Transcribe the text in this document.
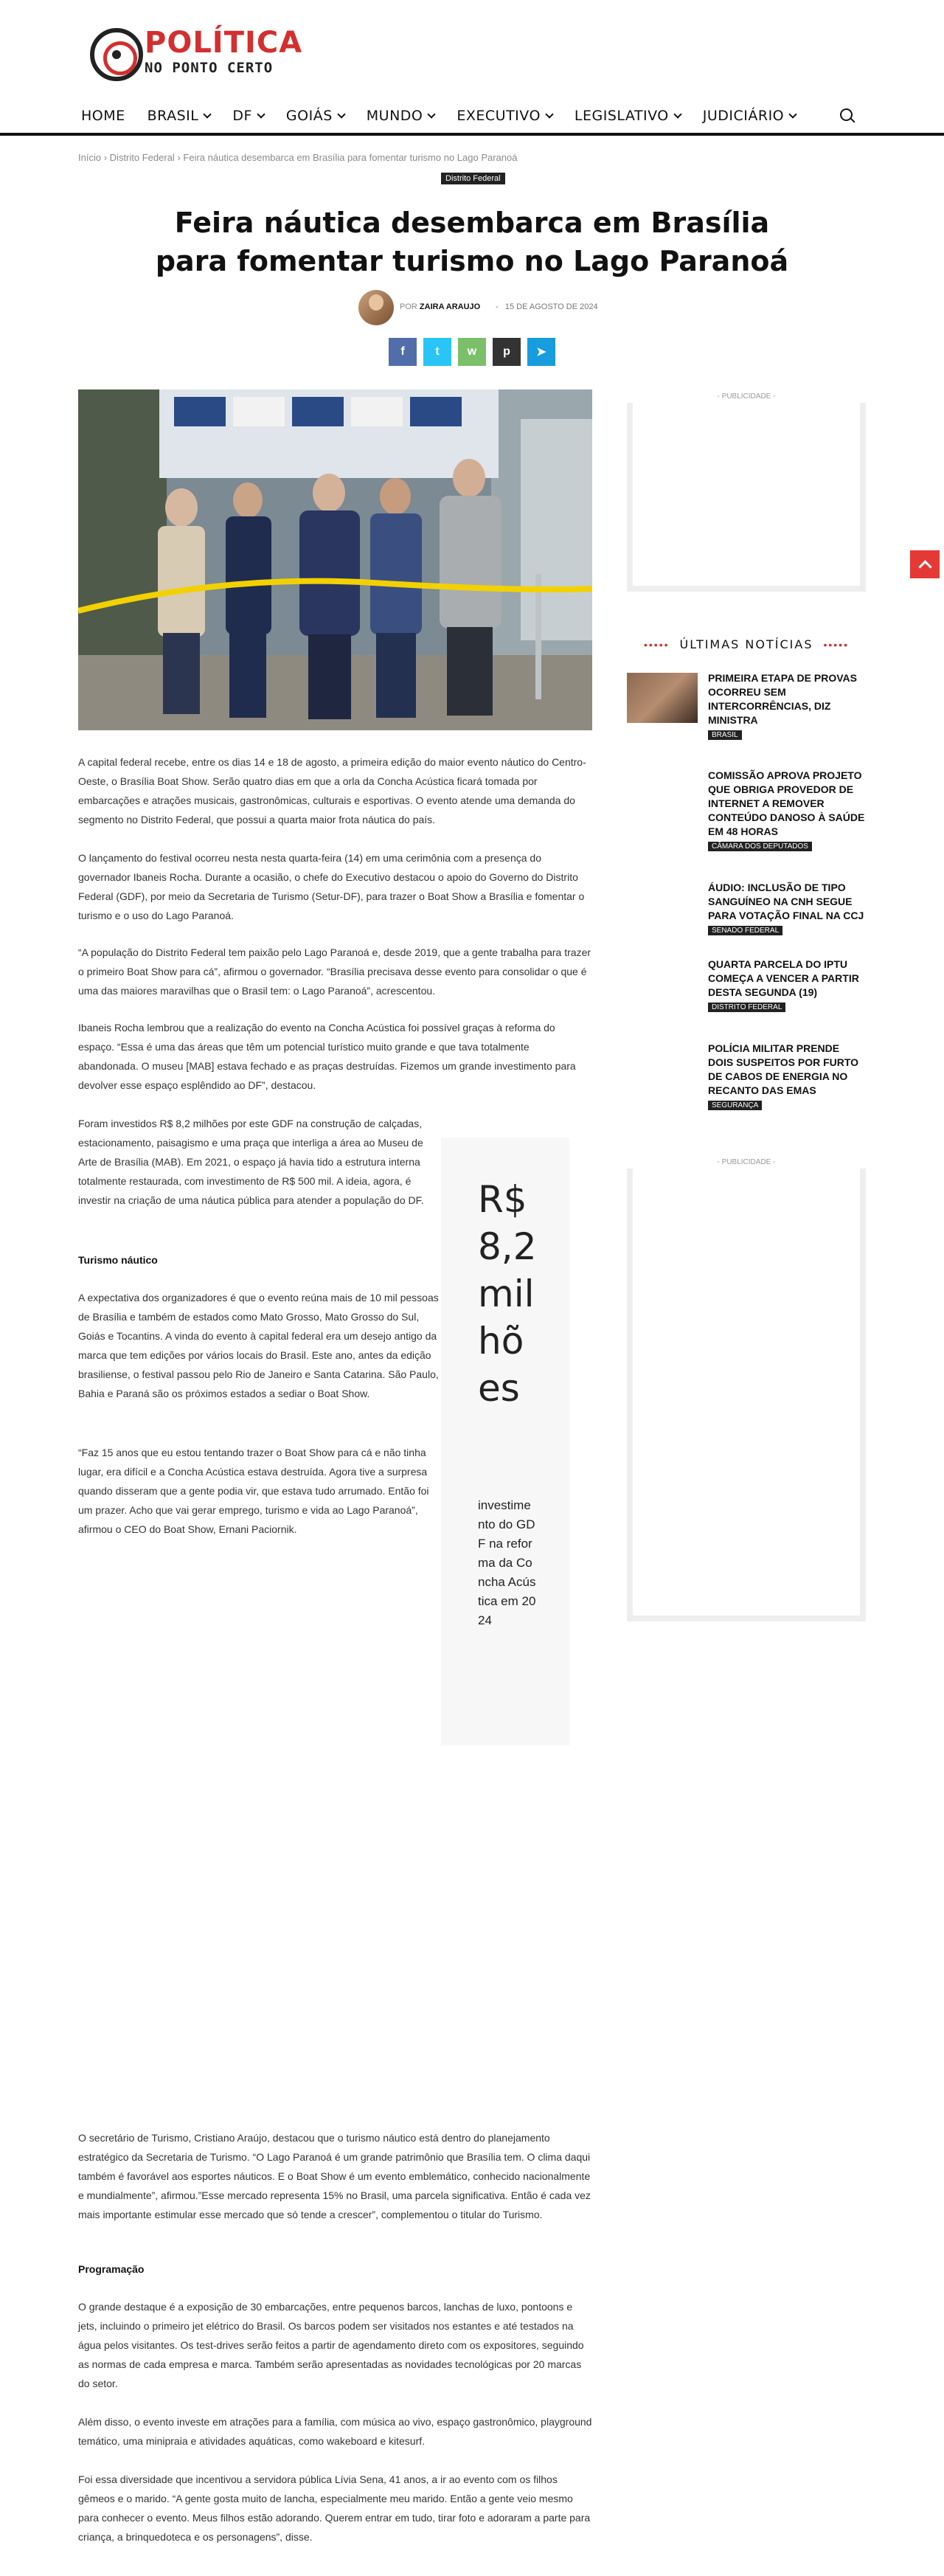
POLÍTICA
NO PONTO CERTO
HOME BRASIL DF GOIÁS MUNDO EXECUTIVO LEGISLATIVO JUDICIÁRIO
Início › Distrito Federal › Feira náutica desembarca em Brasília para fomentar turismo no Lago Paranoá
Distrito Federal
Feira náutica desembarca em Brasília para fomentar turismo no Lago Paranoá
POR ZAIRA ARAUJO - 15 DE AGOSTO DE 2024
f	t w p ➤

A capital federal recebe, entre os dias 14 e 18 de agosto, a primeira edição do maior evento náutico do Centro-Oeste, o Brasília Boat Show. Serão quatro dias em que a orla da Concha Acústica ficará tomada por embarcações e atrações musicais, gastronômicas, culturais e esportivas. O evento atende uma demanda do segmento no Distrito Federal, que possui a quarta maior frota náutica do país.

O lançamento do festival ocorreu nesta nesta quarta-feira (14) em uma cerimônia com a presença do governador Ibaneis Rocha. Durante a ocasião, o chefe do Executivo destacou o apoio do Governo do Distrito Federal (GDF), por meio da Secretaria de Turismo (Setur-DF), para trazer o Boat Show a Brasília e fomentar o turismo e o uso do Lago Paranoá.

“A população do Distrito Federal tem paixão pelo Lago Paranoá e, desde 2019, que a gente trabalha para trazer o primeiro Boat Show para cá”, afirmou o governador. “Brasília precisava desse evento para consolidar o que é uma das maiores maravilhas que o Brasil tem: o Lago Paranoá”, acrescentou.

Ibaneis Rocha lembrou que a realização do evento na Concha Acústica foi possível graças à reforma do espaço. “Essa é uma das áreas que têm um potencial turístico muito grande e que tava totalmente abandonada. O museu [MAB] estava fechado e as praças destruídas. Fizemos um grande investimento para devolver esse espaço esplêndido ao DF”, destacou.

Foram investidos R$ 8,2 milhões por este GDF na construção de calçadas, estacionamento, paisagismo e uma praça que interliga a área ao Museu de Arte de Brasília (MAB). Em 2021, o espaço já havia tido a estrutura interna totalmente restaurada, com investimento de R$ 500 mil. A ideia, agora, é investir na criação de uma náutica pública para atender a população do DF.

Turismo náutico

A expectativa dos organizadores é que o evento reúna mais de 10 mil pessoas de Brasília e também de estados como Mato Grosso, Mato Grosso do Sul, Goiás e Tocantins. A vinda do evento à capital federal era um desejo antigo da marca que tem edições por vários locais do Brasil. Este ano, antes da edição brasiliense, o festival passou pelo Rio de Janeiro e Santa Catarina. São Paulo, Bahia e Paraná são os próximos estados a sediar o Boat Show.

“Faz 15 anos que eu estou tentando trazer o Boat Show para cá e não tinha lugar, era difícil e a Concha Acústica estava destruída. Agora tive a surpresa quando disseram que a gente podia vir, que estava tudo arrumado. Então foi um prazer. Acho que vai gerar emprego, turismo e vida ao Lago Paranoá”, afirmou o CEO do Boat Show, Ernani Paciornik.

R$ 8,2 milhões
investimento do GDF na reforma da Concha Acústica em 2024

O secretário de Turismo, Cristiano Araújo, destacou que o turismo náutico está dentro do planejamento estratégico da Secretaria de Turismo. “O Lago Paranoá é um grande patrimônio que Brasília tem. O clima daqui também é favorável aos esportes náuticos. E o Boat Show é um evento emblemático, conhecido nacionalmente e mundialmente”, afirmou.”Esse mercado representa 15% no Brasil, uma parcela significativa. Então é cada vez mais importante estimular esse mercado que só tende a crescer”, complementou o titular do Turismo.

Programação

O grande destaque é a exposição de 30 embarcações, entre pequenos barcos, lanchas de luxo, pontoons e jets, incluindo o primeiro jet elétrico do Brasil. Os barcos podem ser visitados nos estantes e até testados na água pelos visitantes. Os test-drives serão feitos a partir de agendamento direto com os expositores, seguindo as normas de cada empresa e marca. Também serão apresentadas as novidades tecnológicas por 20 marcas do setor.

Além disso, o evento investe em atrações para a família, com música ao vivo, espaço gastronômico, playground temático, uma minipraia e atividades aquáticas, como wakeboard e kitesurf.

Foi essa diversidade que incentivou a servidora pública Lívia Sena, 41 anos, a ir ao evento com os filhos gêmeos e o marido. “A gente gosta muito de lancha, especialmente meu marido. Então a gente veio mesmo para conhecer o evento. Meus filhos estão adorando. Querem entrar em tudo, tirar foto e adoraram a parte para criança, a brinquedoteca e os personagens”, disse.

- PUBLICIDADE -
••••• ÚLTIMAS NOTÍCIAS •••••
PRIMEIRA ETAPA DE PROVAS OCORREU SEM INTERCORRÊNCIAS, DIZ MINISTRA
BRASIL
COMISSÃO APROVA PROJETO QUE OBRIGA PROVEDOR DE INTERNET A REMOVER CONTEÚDO DANOSO À SAÚDE EM 48 HORAS
CÂMARA DOS DEPUTADOS
ÁUDIO: INCLUSÃO DE TIPO SANGUÍNEO NA CNH SEGUE PARA VOTAÇÃO FINAL NA CCJ
SENADO FEDERAL
QUARTA PARCELA DO IPTU COMEÇA A VENCER A PARTIR DESTA SEGUNDA (19)
DISTRITO FEDERAL
POLÍCIA MILITAR PRENDE DOIS SUSPEITOS POR FURTO DE CABOS DE ENERGIA NO RECANTO DAS EMAS
SEGURANÇA
- PUBLICIDADE -
